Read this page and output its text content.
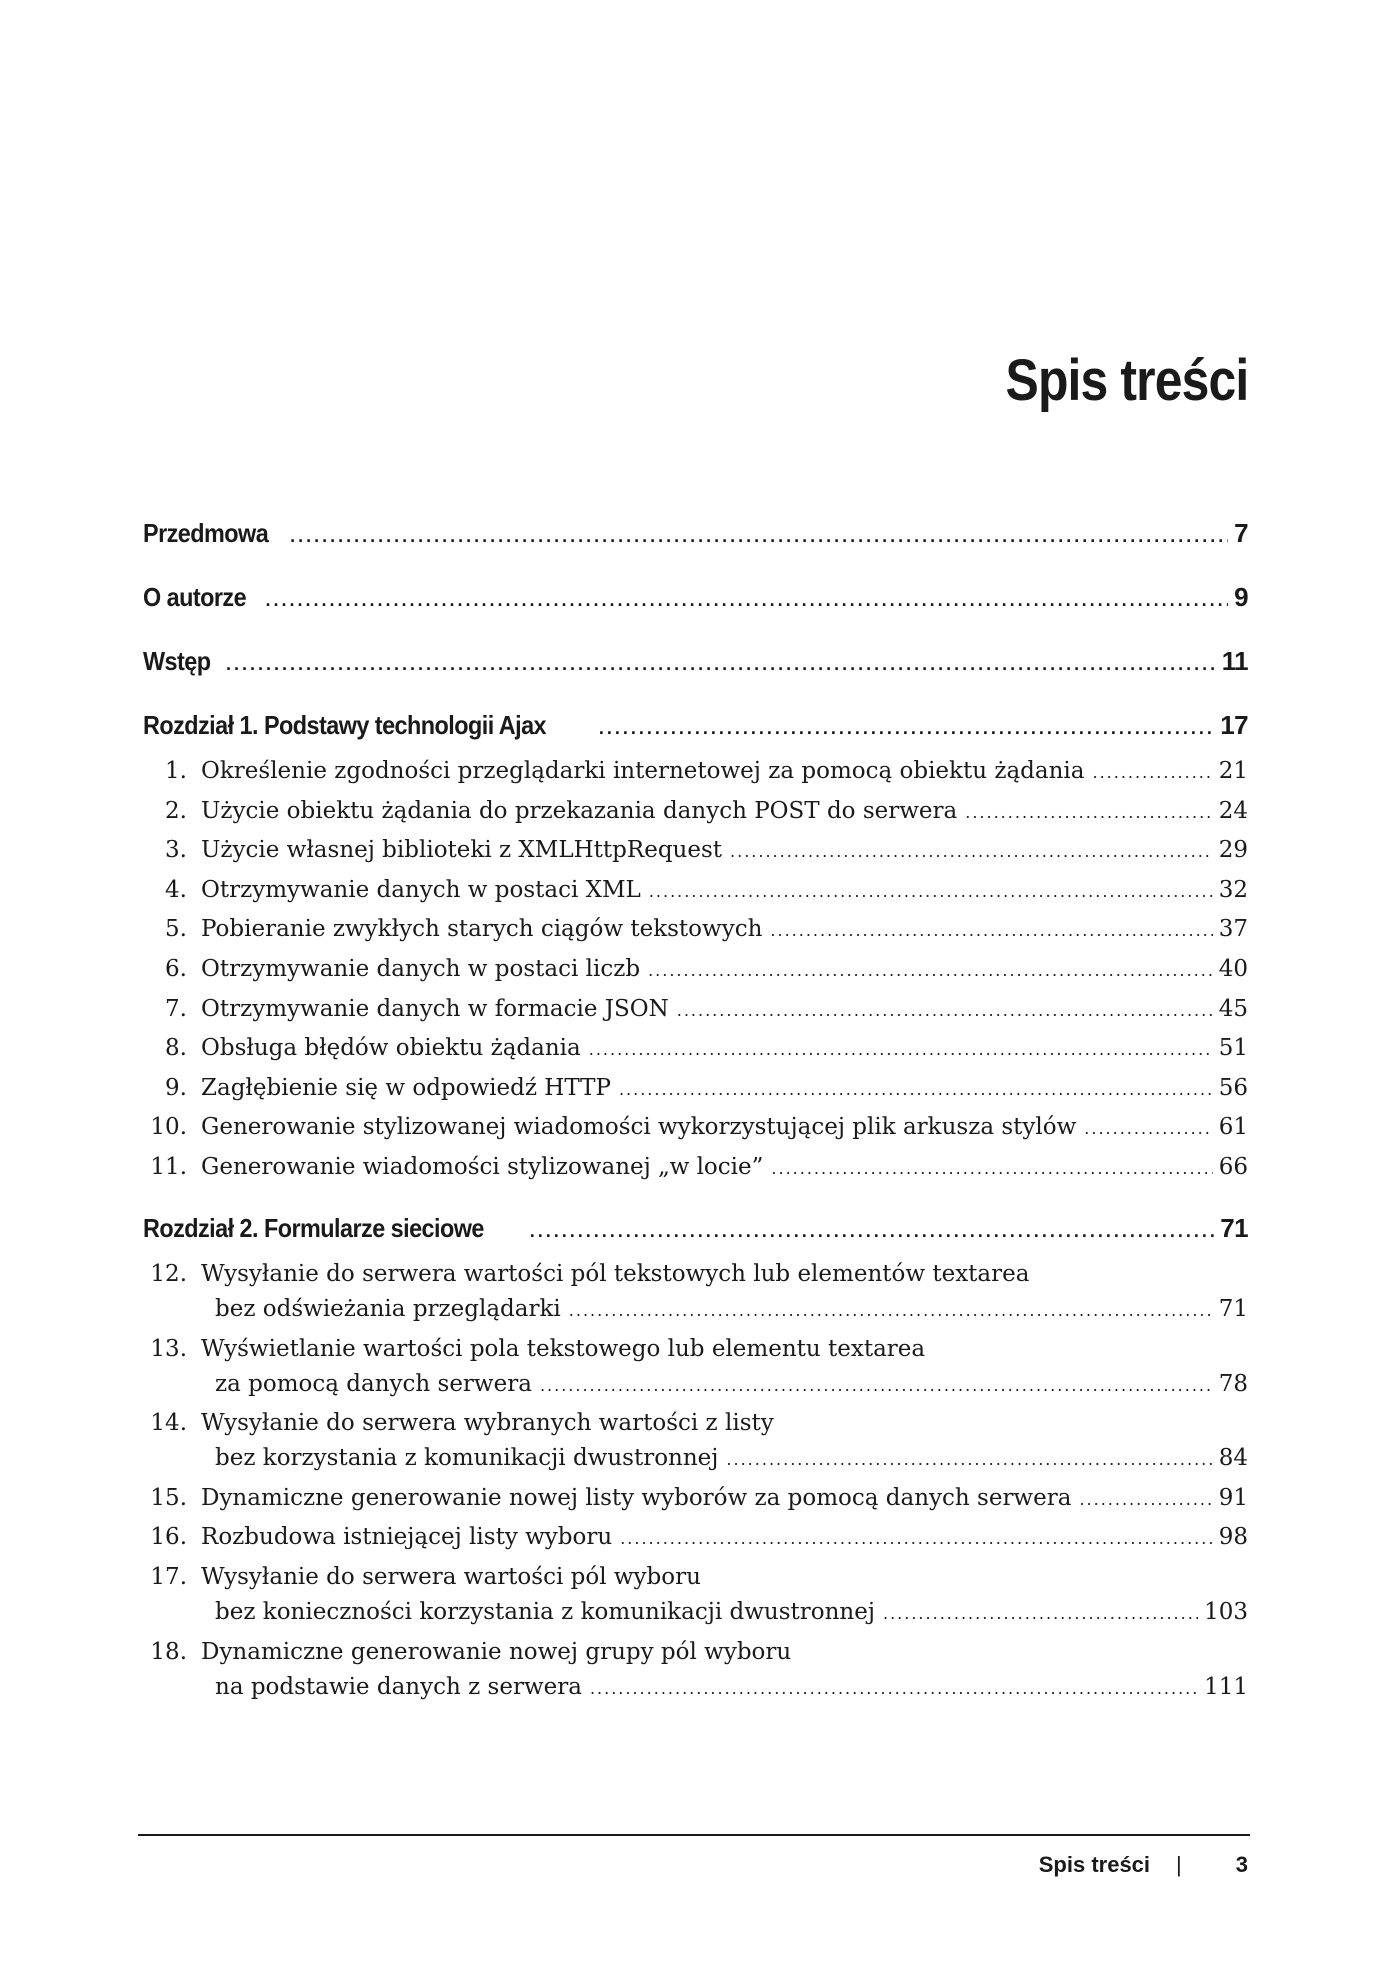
Spis treści
Przedmowa .....	7
O autorze .....	9
Wstęp .....	11
Rozdział 1. Podstawy technologii Ajax .....	17
1. Określenie zgodności przeglądarki internetowej za pomocą obiektu żądania .....	21
2. Użycie obiektu żądania do przekazania danych POST do serwera .....	24
3. Użycie własnej biblioteki z XMLHttpRequest .....	29
4. Otrzymywanie danych w postaci XML .....	32
5. Pobieranie zwykłych starych ciągów tekstowych .....	37
6. Otrzymywanie danych w postaci liczb .....	40
7. Otrzymywanie danych w formacie JSON .....	45
8. Obsługa błędów obiektu żądania .....	51
9. Zagłębienie się w odpowiedź HTTP .....	56
10. Generowanie stylizowanej wiadomości wykorzystującej plik arkusza stylów .....	61
11. Generowanie wiadomości stylizowanej „w locie” .....	66
Rozdział 2. Formularze sieciowe .....	71
12. Wysyłanie do serwera wartości pól tekstowych lub elementów textarea
bez odświeżania przeglądarki .....	71
13. Wyświetlanie wartości pola tekstowego lub elementu textarea
za pomocą danych serwera .....	78
14. Wysyłanie do serwera wybranych wartości z listy
bez korzystania z komunikacji dwustronnej .....	84
15. Dynamiczne generowanie nowej listy wyborów za pomocą danych serwera .....	91
16. Rozbudowa istniejącej listy wyboru .....	98
17. Wysyłanie do serwera wartości pól wyboru
bez konieczności korzystania z komunikacji dwustronnej .....	103
18. Dynamiczne generowanie nowej grupy pól wyboru
na podstawie danych z serwera .....	111
Spis treści | 3
